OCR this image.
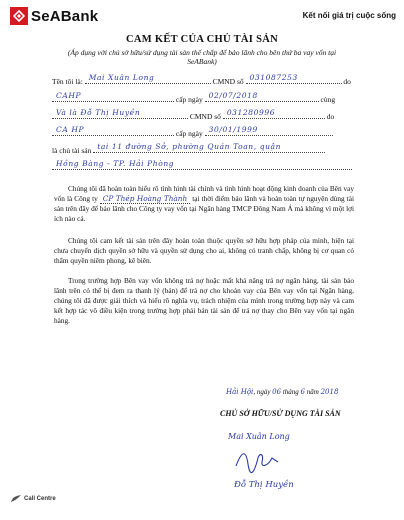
SeABank	Kết nối giá trị cuộc sống
CAM KẾT CỦA CHỦ TÀI SẢN
(Áp dụng với chủ sở hữu/sử dụng tài sản thế chấp để bảo lãnh cho bên thứ ba vay vốn tại SeABank)
Tên tôi là: Mai Xuân Long	CMND số 031087253	do
CAHP	cấp ngày 02/07/2018	cùng
Và là Đỗ Thị Huyền	CMND số 031280996	do
CA HP	cấp ngày 30/01/1999
là chủ tài sản tại 11 đường Sở, phường Quán Toan, quận
Hồng Bàng - TP. Hải Phòng

Chúng tôi đã hoàn toàn hiểu rõ tình hình tài chính và tình hình hoạt động kinh doanh của Bên vay vốn là Công ty CP Thép Hoàng Thành tại thời điểm bảo lãnh và hoàn toàn tự nguyện dùng tài sản trên đây để bảo lãnh cho Công ty vay vốn tại Ngân hàng TMCP Đông Nam Á mà không vì một lợi ích nào cả.

Chúng tôi cam kết tài sản trên đây hoàn toàn thuộc quyền sở hữu hợp pháp của mình, hiện tại chưa chuyển dịch quyền sở hữu và quyền sử dụng cho ai, không có tranh chấp, không bị cơ quan có thẩm quyền niêm phong, kê biên.

Trong trường hợp Bên vay vốn không trả nợ hoặc mất khả năng trả nợ ngân hàng, tài sản bảo lãnh trên có thể bị đem ra thanh lý (bán) để trả nợ cho khoản vay của Bên vay vốn tại Ngân hàng, chúng tôi đã được giải thích và hiểu rõ nghĩa vụ, trách nhiệm của mình trong trường hợp này và cam kết hợp tác vô điều kiện trong trường hợp phải bán tài sản để trả nợ thay cho Bên vay vốn tại ngân hàng.

Hải Hội, ngày 06 tháng 6 năm 2018
CHỦ SỞ HỮU/SỬ DỤNG TÀI SẢN
Mai Xuân Long
Đỗ Thị Huyền
Call Centre
